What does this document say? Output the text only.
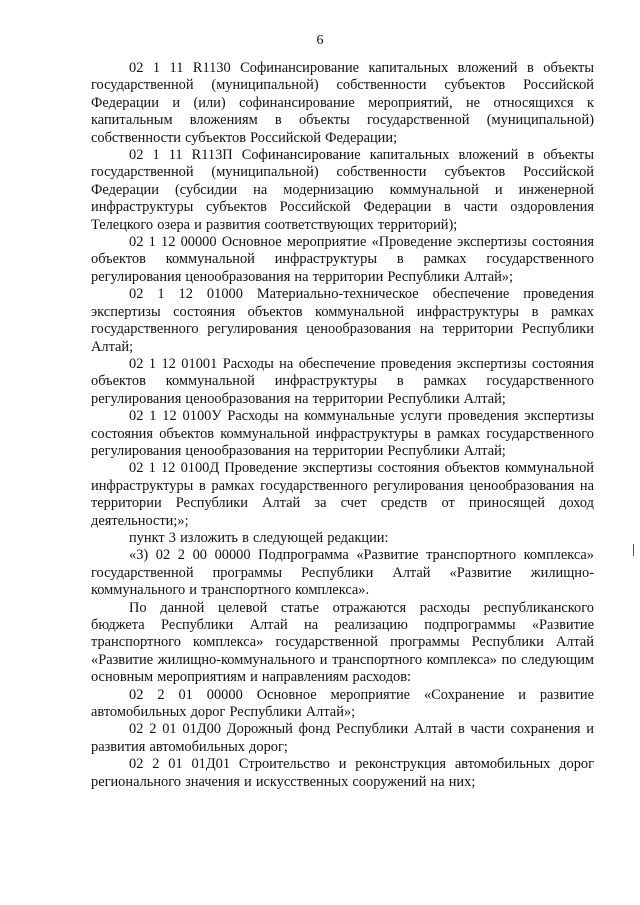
6

02 1 11 R1130 Софинансирование капитальных вложений в объекты государственной (муниципальной) собственности субъектов Российской Федерации и (или) софинансирование мероприятий, не относящихся к капитальным вложениям в объекты государственной (муниципальной) собственности субъектов Российской Федерации;

02 1 11 R113П Софинансирование капитальных вложений в объекты государственной (муниципальной) собственности субъектов Российской Федерации (субсидии на модернизацию коммунальной и инженерной инфраструктуры субъектов Российской Федерации в части оздоровления Телецкого озера и развития соответствующих территорий);

02 1 12 00000 Основное мероприятие «Проведение экспертизы состояния объектов коммунальной инфраструктуры в рамках государственного регулирования ценообразования на территории Республики Алтай»;

02 1 12 01000 Материально-техническое обеспечение проведения экспертизы состояния объектов коммунальной инфраструктуры в рамках государственного регулирования ценообразования на территории Республики Алтай;

02 1 12 01001 Расходы на обеспечение проведения экспертизы состояния объектов коммунальной инфраструктуры в рамках государственного регулирования ценообразования на территории Республики Алтай;

02 1 12 0100У Расходы на коммунальные услуги проведения экспертизы состояния объектов коммунальной инфраструктуры в рамках государственного регулирования ценообразования на территории Республики Алтай;

02 1 12 0100Д Проведение экспертизы состояния объектов коммунальной инфраструктуры в рамках государственного регулирования ценообразования на территории Республики Алтай за счет средств от приносящей доход деятельности;»;

пункт 3 изложить в следующей редакции:

«3) 02 2 00 00000 Подпрограмма «Развитие транспортного комплекса» государственной программы Республики Алтай «Развитие жилищно-коммунального и транспортного комплекса».

По данной целевой статье отражаются расходы республиканского бюджета Республики Алтай на реализацию подпрограммы «Развитие транспортного комплекса» государственной программы Республики Алтай «Развитие жилищно-коммунального и транспортного комплекса» по следующим основным мероприятиям и направлениям расходов:

02 2 01 00000 Основное мероприятие «Сохранение и развитие автомобильных дорог Республики Алтай»;

02 2 01 01Д00 Дорожный фонд Республики Алтай в части сохранения и развития автомобильных дорог;

02 2 01 01Д01 Строительство и реконструкция автомобильных дорог регионального значения и искусственных сооружений на них;
